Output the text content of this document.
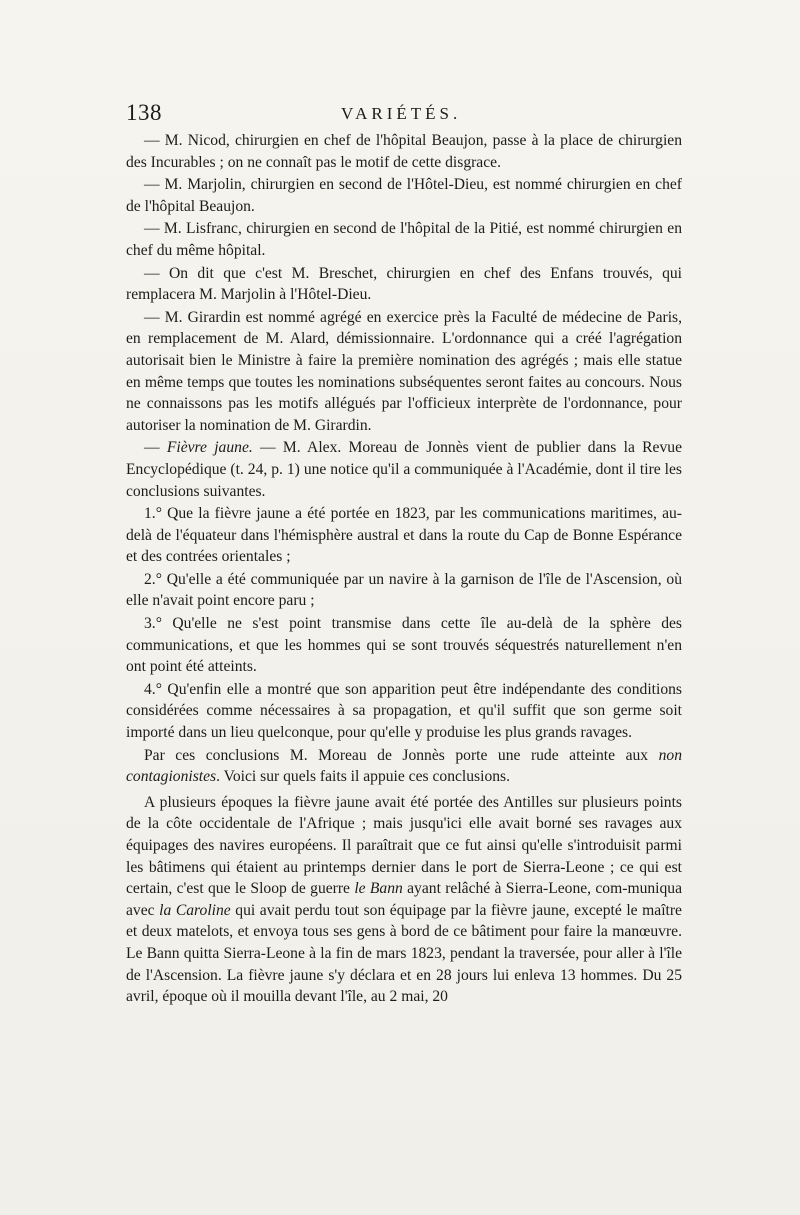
138	VARIÉTÉS.

— M. Nicod, chirurgien en chef de l'hôpital Beaujon, passe à la place de chirurgien des Incurables ; on ne connaît pas le motif de cette disgrace.

— M. Marjolin, chirurgien en second de l'Hôtel-Dieu, est nommé chirurgien en chef de l'hôpital Beaujon.

— M. Lisfranc, chirurgien en second de l'hôpital de la Pitié, est nommé chirurgien en chef du même hôpital.

— On dit que c'est M. Breschet, chirurgien en chef des Enfans trouvés, qui remplacera M. Marjolin à l'Hôtel-Dieu.

— M. Girardin est nommé agrégé en exercice près la Faculté de médecine de Paris, en remplacement de M. Alard, démissionnaire. L'ordonnance qui a créé l'agrégation autorisait bien le Ministre à faire la première nomination des agrégés ; mais elle statue en même temps que toutes les nominations subséquentes seront faites au concours. Nous ne connaissons pas les motifs allégués par l'officieux interprète de l'ordonnance, pour autoriser la nomination de M. Girardin.

— Fièvre jaune. — M. Alex. Moreau de Jonnès vient de publier dans la Revue Encyclopédique (t. 24, p. 1) une notice qu'il a communiquée à l'Académie, dont il tire les conclusions suivantes.

1.° Que la fièvre jaune a été portée en 1823, par les communications maritimes, au-delà de l'équateur dans l'hémisphère austral et dans la route du Cap de Bonne Espérance et des contrées orientales ;

2.° Qu'elle a été communiquée par un navire à la garnison de l'île de l'Ascension, où elle n'avait point encore paru ;

3.° Qu'elle ne s'est point transmise dans cette île au-delà de la sphère des communications, et que les hommes qui se sont trouvés séquestrés naturellement n'en ont point été atteints.

4.° Qu'enfin elle a montré que son apparition peut être indépendante des conditions considérées comme nécessaires à sa propagation, et qu'il suffit que son germe soit importé dans un lieu quelconque, pour qu'elle y produise les plus grands ravages.

Par ces conclusions M. Moreau de Jonnès porte une rude atteinte aux non contagionistes. Voici sur quels faits il appuie ces conclusions.

A plusieurs époques la fièvre jaune avait été portée des Antilles sur plusieurs points de la côte occidentale de l'Afrique ; mais jusqu'ici elle avait borné ses ravages aux équipages des navires européens. Il paraîtrait que ce fut ainsi qu'elle s'introduisit parmi les bâtimens qui étaient au printemps dernier dans le port de Sierra-Leone ; ce qui est certain, c'est que le Sloop de guerre le Bann ayant relâché à Sierra-Leone, com-muniqua avec la Caroline qui avait perdu tout son équipage par la fièvre jaune, excepté le maître et deux matelots, et envoya tous ses gens à bord de ce bâtiment pour faire la manœuvre. Le Bann quitta Sierra-Leone à la fin de mars 1823, pendant la traversée, pour aller à l'île de l'Ascension. La fièvre jaune s'y déclara et en 28 jours lui enleva 13 hommes. Du 25 avril, époque où il mouilla devant l'île, au 2 mai, 20
